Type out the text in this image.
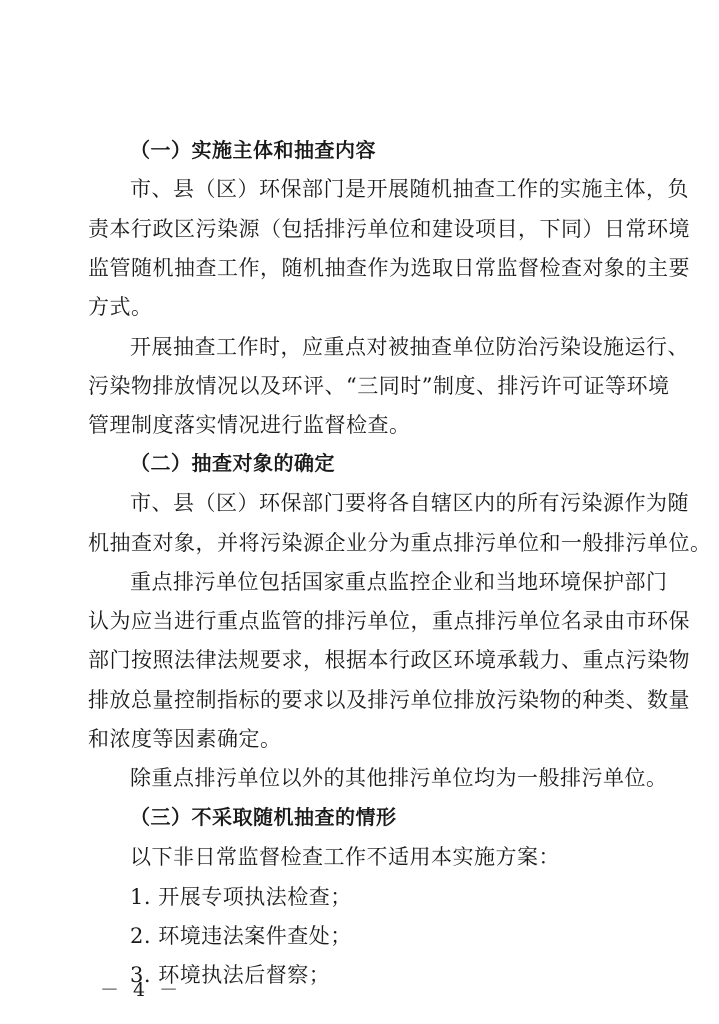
（一）实施主体和抽查内容
市、县（区）环保部门是开展随机抽查工作的实施主体，负
责本行政区污染源（包括排污单位和建设项目，下同）日常环境
监管随机抽查工作，随机抽查作为选取日常监督检查对象的主要
方式。
开展抽查工作时，应重点对被抽查单位防治污染设施运行、
污染物排放情况以及环评、“三同时”制度、排污许可证等环境
管理制度落实情况进行监督检查。
（二）抽查对象的确定
市、县（区）环保部门要将各自辖区内的所有污染源作为随
机抽查对象，并将污染源企业分为重点排污单位和一般排污单位。
重点排污单位包括国家重点监控企业和当地环境保护部门
认为应当进行重点监管的排污单位，重点排污单位名录由市环保
部门按照法律法规要求，根据本行政区环境承载力、重点污染物
排放总量控制指标的要求以及排污单位排放污染物的种类、数量
和浓度等因素确定。
除重点排污单位以外的其他排污单位均为一般排污单位。
（三）不采取随机抽查的情形
以下非日常监督检查工作不适用本实施方案：
1. 开展专项执法检查；
2. 环境违法案件查处；
3. 环境执法后督察；
－ 4 －
